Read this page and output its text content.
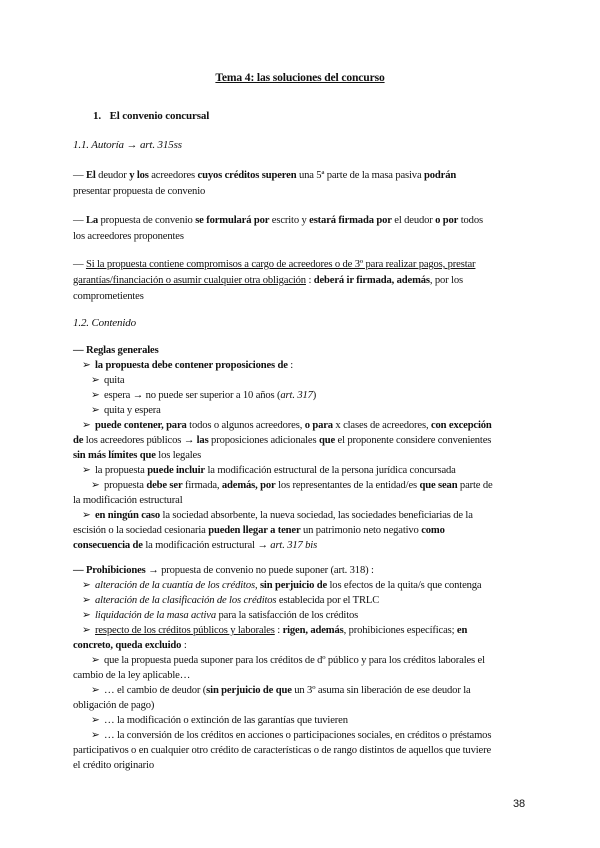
Tema 4: las soluciones del concurso
1. El convenio concursal
1.1. Autoría → art. 315ss
— El deudor y los acreedores cuyos créditos superen una 5ª parte de la masa pasiva podrán
presentar propuesta de convenio
— La propuesta de convenio se formulará por escrito y estará firmada por el deudor o por todos
los acreedores proponentes
— Si la propuesta contiene compromisos a cargo de acreedores o de 3º para realizar pagos, prestar
garantías/financiación o asumir cualquier otra obligación : deberá ir firmada, además, por los
comprometientes
1.2. Contenido
— Reglas generales
➢ la propuesta debe contener proposiciones de :
➢ quita
➢ espera → no puede ser superior a 10 años (art. 317)
➢ quita y espera
➢ puede contener, para todos o algunos acreedores, o para x clases de acreedores, con excepción
de los acreedores públicos → las proposiciones adicionales que el proponente considere convenientes
sin más límites que los legales
➢ la propuesta puede incluir la modificación estructural de la persona jurídica concursada
➢ propuesta debe ser firmada, además, por los representantes de la entidad/es que sean parte de
la modificación estructural
➢ en ningún caso la sociedad absorbente, la nueva sociedad, las sociedades beneficiarias de la
escisión o la sociedad cesionaria pueden llegar a tener un patrimonio neto negativo como
consecuencia de la modificación estructural → art. 317 bis
— Prohibiciones → propuesta de convenio no puede suponer (art. 318) :
➢ alteración de la cuantía de los créditos, sin perjuicio de los efectos de la quita/s que contenga
➢ alteración de la clasificación de los créditos establecida por el TRLC
➢ liquidación de la masa activa para la satisfacción de los créditos
➢ respecto de los créditos públicos y laborales : rigen, además, prohibiciones específicas; en
concreto, queda excluido :
➢ que la propuesta pueda suponer para los créditos de dº público y para los créditos laborales el
cambio de la ley aplicable…
➢ … el cambio de deudor (sin perjuicio de que un 3º asuma sin liberación de ese deudor la
obligación de pago)
➢ … la modificación o extinción de las garantías que tuvieren
➢ … la conversión de los créditos en acciones o participaciones sociales, en créditos o préstamos
participativos o en cualquier otro crédito de características o de rango distintos de aquellos que tuviere
el crédito originario
38
